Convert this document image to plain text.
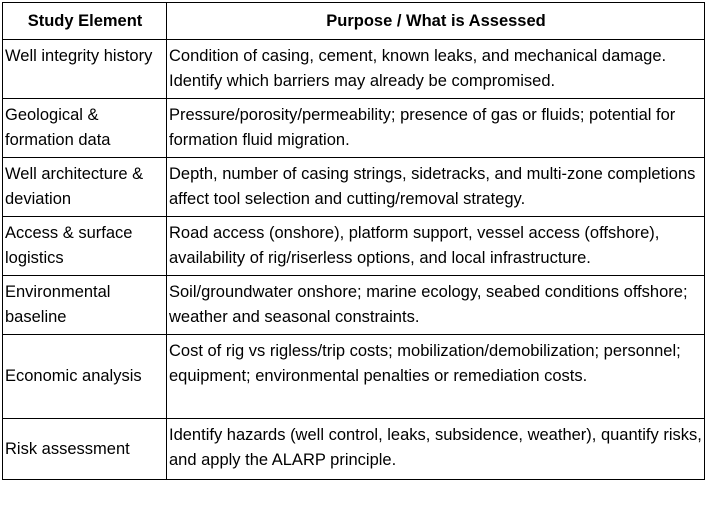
Study Element	Purpose / What is Assessed
Well integrity history	Condition of casing, cement, known leaks, and mechanical damage. Identify which barriers may already be compromised.
Geological & formation data	Pressure/porosity/permeability; presence of gas or fluids; potential for formation fluid migration.
Well architecture & deviation	Depth, number of casing strings, sidetracks, and multi-zone completions affect tool selection and cutting/removal strategy.
Access & surface logistics	Road access (onshore), platform support, vessel access (offshore), availability of rig/riserless options, and local infrastructure.
Environmental baseline	Soil/groundwater onshore; marine ecology, seabed conditions offshore; weather and seasonal constraints.
Economic analysis	Cost of rig vs rigless/trip costs; mobilization/demobilization; personnel; equipment; environmental penalties or remediation costs.
Risk assessment	Identify hazards (well control, leaks, subsidence, weather), quantify risks, and apply the ALARP principle.
